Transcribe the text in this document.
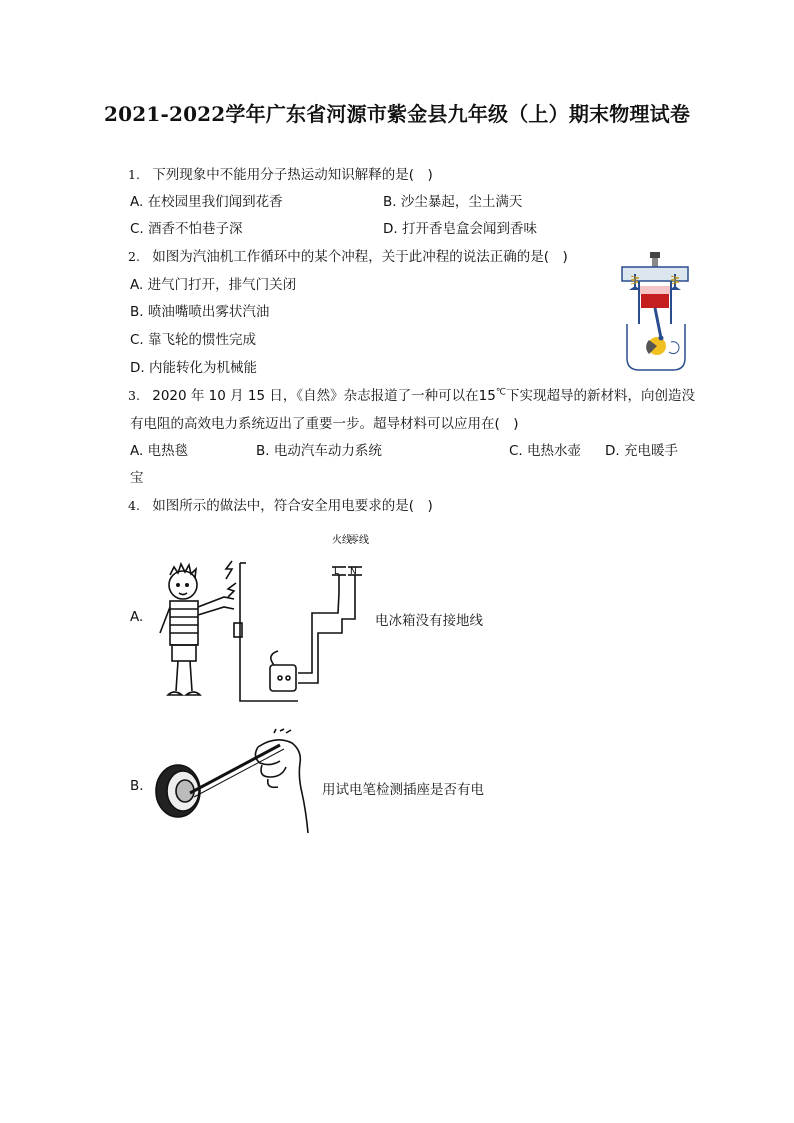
2021-2022学年广东省河源市紫金县九年级（上）期末物理试卷
1. 下列现象中不能用分子热运动知识解释的是(　)
A. 在校园里我们闻到花香	B. 沙尘暴起，尘土满天
C. 酒香不怕巷子深	D. 打开香皂盒会闻到香味
2. 如图为汽油机工作循环中的某个冲程，关于此冲程的说法正确的是(　)
A. 进气门打开，排气门关闭
B. 喷油嘴喷出雾状汽油
C. 靠飞轮的惯性完成
D. 内能转化为机械能
3. 2020 年 10 月 15 日，《自然》杂志报道了一种可以在15℃下实现超导的新材料，向创造没
有电阻的高效电力系统迈出了重要一步。超导材料可以应用在(　)
A. 电热毯	B. 电动汽车动力系统	C. 电热水壶 D. 充电暖手
宝
4. 如图所示的做法中，符合安全用电要求的是(　)
A.	电冰箱没有接地线
火线
零线
L N
B.	用试电笔检测插座是否有电
